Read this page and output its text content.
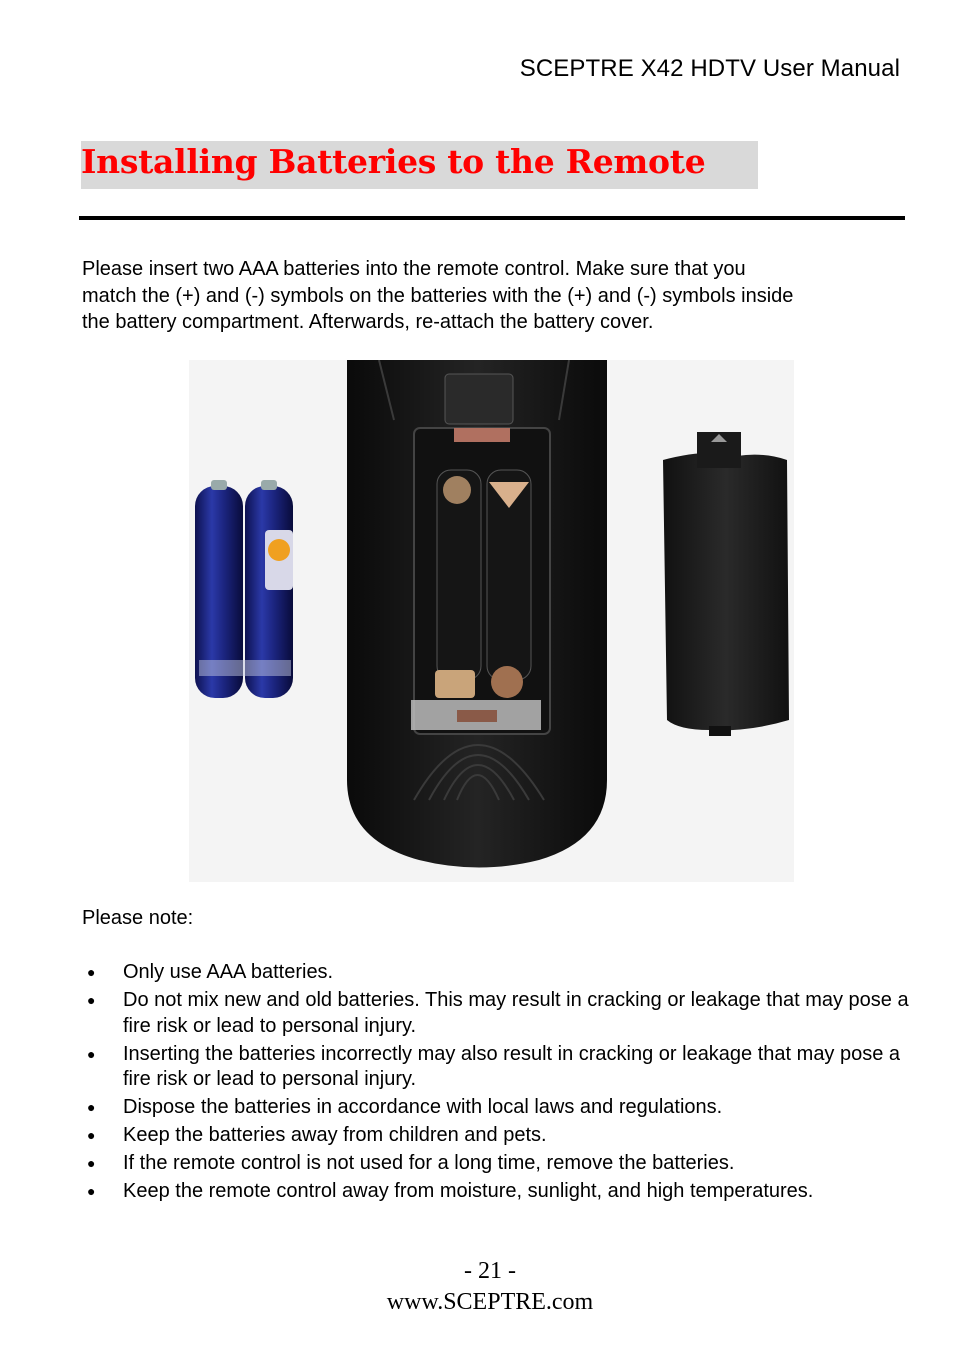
SCEPTRE X42 HDTV User Manual
Installing Batteries to the Remote

Please insert two AAA batteries into the remote control. Make sure that you

match the (+) and (-) symbols on the batteries with the (+) and (-) symbols inside

the battery compartment. Afterwards, re-attach the battery cover.

Please note:
● Only use AAA batteries.
● Do not mix new and old batteries. This may result in cracking or leakage that may pose a fire risk or lead to personal injury.
● Inserting the batteries incorrectly may also result in cracking or leakage that may pose a fire risk or lead to personal injury.
● Dispose the batteries in accordance with local laws and regulations.
● Keep the batteries away from children and pets.
● If the remote control is not used for a long time, remove the batteries.
● Keep the remote control away from moisture, sunlight, and high temperatures.
- 21 -
www.SCEPTRE.com
